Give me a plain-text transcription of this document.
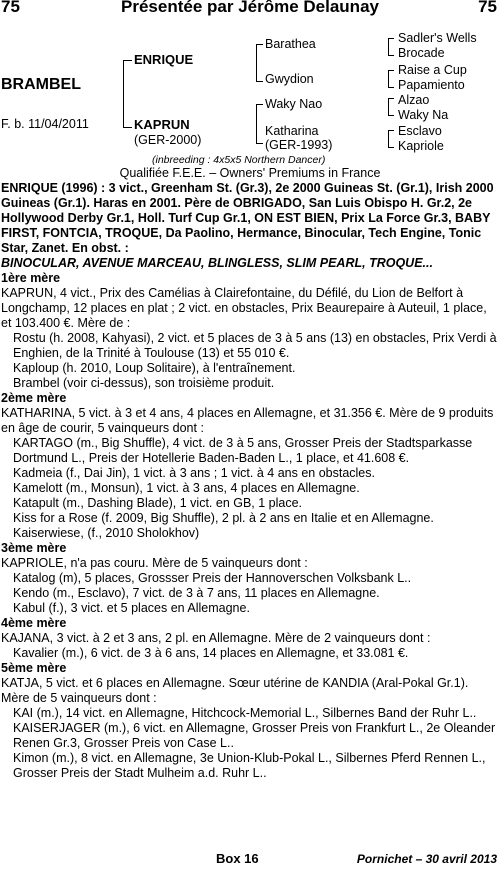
75	Présentée par Jérôme Delaunay	75
BRAMBEL
F. b. 11/04/2011
ENRIQUE
KAPRUN
(GER-2000)
Barathea
Gwydion
Waky Nao
Katharina
(GER-1993)
Sadler's Wells
Brocade
Raise a Cup
Papamiento
Alzao
Waky Na
Esclavo
Kapriole
(inbreeding : 4x5x5 Northern Dancer)
Qualifiée F.E.E. – Owners' Premiums in France
ENRIQUE (1996) : 3 vict., Greenham St. (Gr.3), 2e 2000 Guineas St. (Gr.1), Irish 2000 Guineas (Gr.1). Haras en 2001. Père de OBRIGADO, San Luis Obispo H. Gr.2, 2e Hollywood Derby Gr.1, Holl. Turf Cup Gr.1, ON EST BIEN, Prix La Force Gr.3, BABY FIRST, FONTCIA, TROQUE, Da Paolino, Hermance, Binocular, Tech Engine, Tonic Star, Zanet. En obst. :
BINOCULAR, AVENUE MARCEAU, BLINGLESS, SLIM PEARL, TROQUE...
1ère mère
KAPRUN, 4 vict., Prix des Camélias à Clairefontaine, du Défilé, du Lion de Belfort à Longchamp, 12 places en plat ; 2 vict. en obstacles, Prix Beaurepaire à Auteuil, 1 place, et 103.400 €. Mère de :
Rostu (h. 2008, Kahyasi), 2 vict. et 5 places de 3 à 5 ans (13) en obstacles, Prix Verdi à Enghien, de la Trinité à Toulouse (13) et 55 010 €.
Kaploup (h. 2010, Loup Solitaire), à l'entraînement.
Brambel (voir ci-dessus), son troisième produit.
2ème mère
KATHARINA, 5 vict. à 3 et 4 ans, 4 places en Allemagne, et 31.356 €. Mère de 9 produits en âge de courir, 5 vainqueurs dont :
KARTAGO (m., Big Shuffle), 4 vict. de 3 à 5 ans, Grosser Preis der Stadtsparkasse Dortmund L., Preis der Hotellerie Baden-Baden L., 1 place, et 41.608 €.
Kadmeia (f., Dai Jin), 1 vict. à 3 ans ; 1 vict. à 4 ans en obstacles.
Kamelott (m., Monsun), 1 vict. à 3 ans, 4 places en Allemagne.
Katapult (m., Dashing Blade), 1 vict. en GB, 1 place.
Kiss for a Rose (f. 2009, Big Shuffle), 2 pl. à 2 ans en Italie et en Allemagne.
Kaiserwiese, (f., 2010 Sholokhov)
3ème mère
KAPRIOLE, n'a pas couru. Mère de 5 vainqueurs dont :
Katalog (m), 5 places, Grossser Preis der Hannoverschen Volksbank L..
Kendo (m., Esclavo), 7 vict. de 3 à 7 ans, 11 places en Allemagne.
Kabul (f.), 3 vict. et 5 places en Allemagne.
4ème mère
KAJANA, 3 vict. à 2 et 3 ans, 2 pl. en Allemagne. Mère de 2 vainqueurs dont :
Kavalier (m.), 6 vict. de 3 à 6 ans, 14 places en Allemagne, et 33.081 €.
5ème mère
KATJA, 5 vict. et 6 places en Allemagne. Sœur utérine de KANDIA (Aral-Pokal Gr.1). Mère de 5 vainqueurs dont :
KAI (m.), 14 vict. en Allemagne, Hitchcock-Memorial L., Silbernes Band der Ruhr L..
KAISERJAGER (m.), 6 vict. en Allemagne, Grosser Preis von Frankfurt L., 2e Oleander Renen Gr.3, Grosser Preis von Case L..
Kimon (m.), 8 vict. en Allemagne, 3e Union-Klub-Pokal L., Silbernes Pferd Rennen L., Grosser Preis der Stadt Mulheim a.d. Ruhr L..
Box 16	Pornichet – 30 avril 2013
